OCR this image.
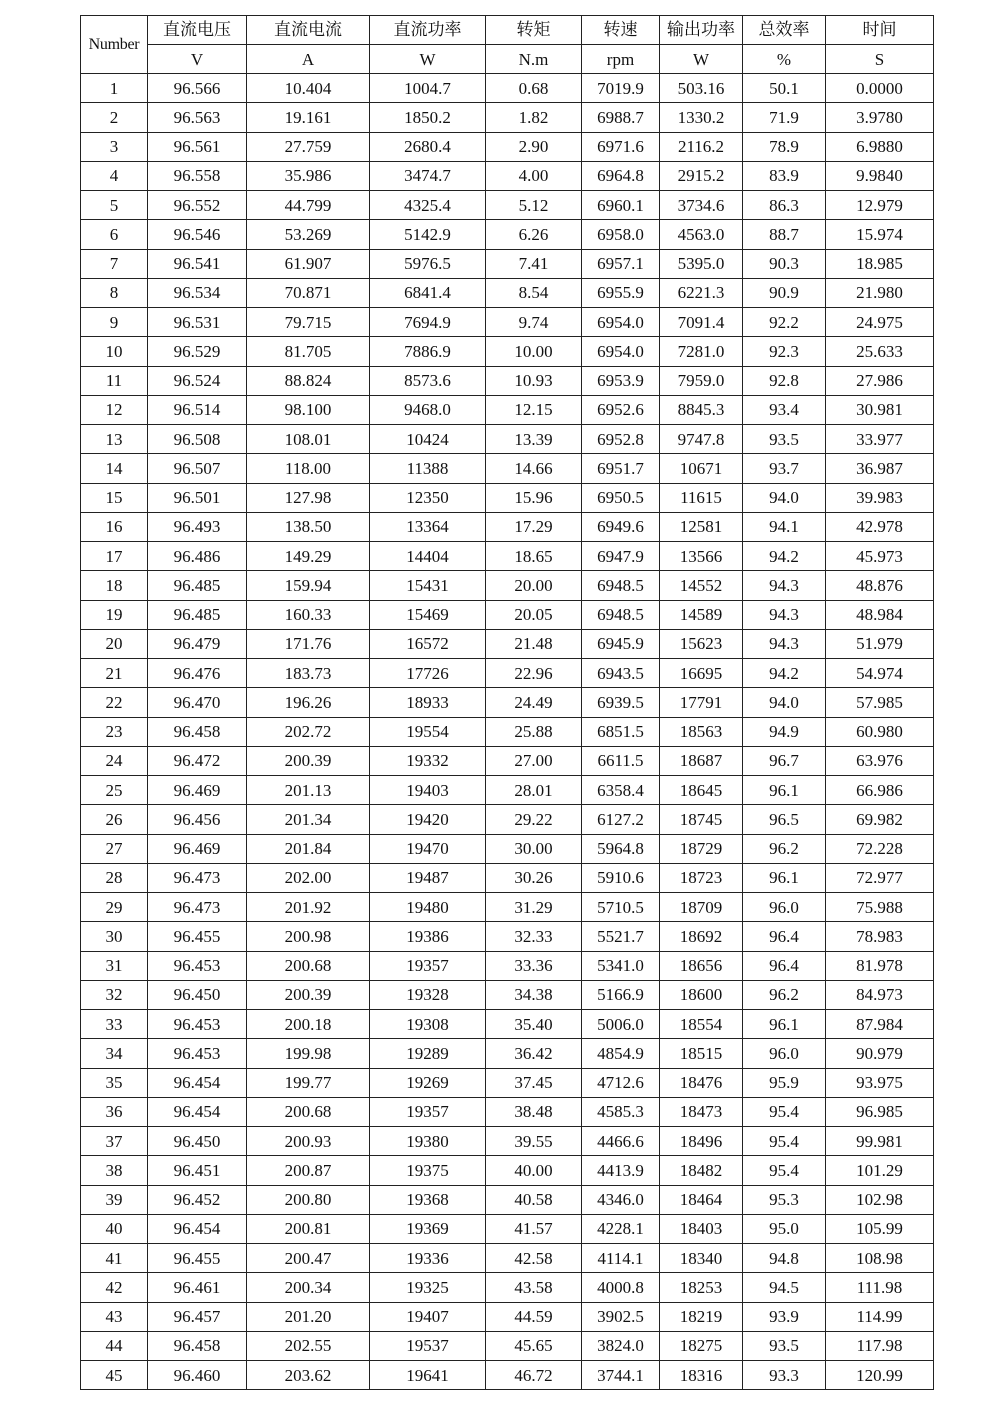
Number	直流电压	直流电流	直流功率	转矩	转速	输出功率	总效率	时间
	V	A	W	N.m	rpm	W	%	S
1	96.566	10.404	1004.7	0.68	7019.9	503.16	50.1	0.0000
2	96.563	19.161	1850.2	1.82	6988.7	1330.2	71.9	3.9780
3	96.561	27.759	2680.4	2.90	6971.6	2116.2	78.9	6.9880
4	96.558	35.986	3474.7	4.00	6964.8	2915.2	83.9	9.9840
5	96.552	44.799	4325.4	5.12	6960.1	3734.6	86.3	12.979
6	96.546	53.269	5142.9	6.26	6958.0	4563.0	88.7	15.974
7	96.541	61.907	5976.5	7.41	6957.1	5395.0	90.3	18.985
8	96.534	70.871	6841.4	8.54	6955.9	6221.3	90.9	21.980
9	96.531	79.715	7694.9	9.74	6954.0	7091.4	92.2	24.975
10	96.529	81.705	7886.9	10.00	6954.0	7281.0	92.3	25.633
11	96.524	88.824	8573.6	10.93	6953.9	7959.0	92.8	27.986
12	96.514	98.100	9468.0	12.15	6952.6	8845.3	93.4	30.981
13	96.508	108.01	10424	13.39	6952.8	9747.8	93.5	33.977
14	96.507	118.00	11388	14.66	6951.7	10671	93.7	36.987
15	96.501	127.98	12350	15.96	6950.5	11615	94.0	39.983
16	96.493	138.50	13364	17.29	6949.6	12581	94.1	42.978
17	96.486	149.29	14404	18.65	6947.9	13566	94.2	45.973
18	96.485	159.94	15431	20.00	6948.5	14552	94.3	48.876
19	96.485	160.33	15469	20.05	6948.5	14589	94.3	48.984
20	96.479	171.76	16572	21.48	6945.9	15623	94.3	51.979
21	96.476	183.73	17726	22.96	6943.5	16695	94.2	54.974
22	96.470	196.26	18933	24.49	6939.5	17791	94.0	57.985
23	96.458	202.72	19554	25.88	6851.5	18563	94.9	60.980
24	96.472	200.39	19332	27.00	6611.5	18687	96.7	63.976
25	96.469	201.13	19403	28.01	6358.4	18645	96.1	66.986
26	96.456	201.34	19420	29.22	6127.2	18745	96.5	69.982
27	96.469	201.84	19470	30.00	5964.8	18729	96.2	72.228
28	96.473	202.00	19487	30.26	5910.6	18723	96.1	72.977
29	96.473	201.92	19480	31.29	5710.5	18709	96.0	75.988
30	96.455	200.98	19386	32.33	5521.7	18692	96.4	78.983
31	96.453	200.68	19357	33.36	5341.0	18656	96.4	81.978
32	96.450	200.39	19328	34.38	5166.9	18600	96.2	84.973
33	96.453	200.18	19308	35.40	5006.0	18554	96.1	87.984
34	96.453	199.98	19289	36.42	4854.9	18515	96.0	90.979
35	96.454	199.77	19269	37.45	4712.6	18476	95.9	93.975
36	96.454	200.68	19357	38.48	4585.3	18473	95.4	96.985
37	96.450	200.93	19380	39.55	4466.6	18496	95.4	99.981
38	96.451	200.87	19375	40.00	4413.9	18482	95.4	101.29
39	96.452	200.80	19368	40.58	4346.0	18464	95.3	102.98
40	96.454	200.81	19369	41.57	4228.1	18403	95.0	105.99
41	96.455	200.47	19336	42.58	4114.1	18340	94.8	108.98
42	96.461	200.34	19325	43.58	4000.8	18253	94.5	111.98
43	96.457	201.20	19407	44.59	3902.5	18219	93.9	114.99
44	96.458	202.55	19537	45.65	3824.0	18275	93.5	117.98
45	96.460	203.62	19641	46.72	3744.1	18316	93.3	120.99
